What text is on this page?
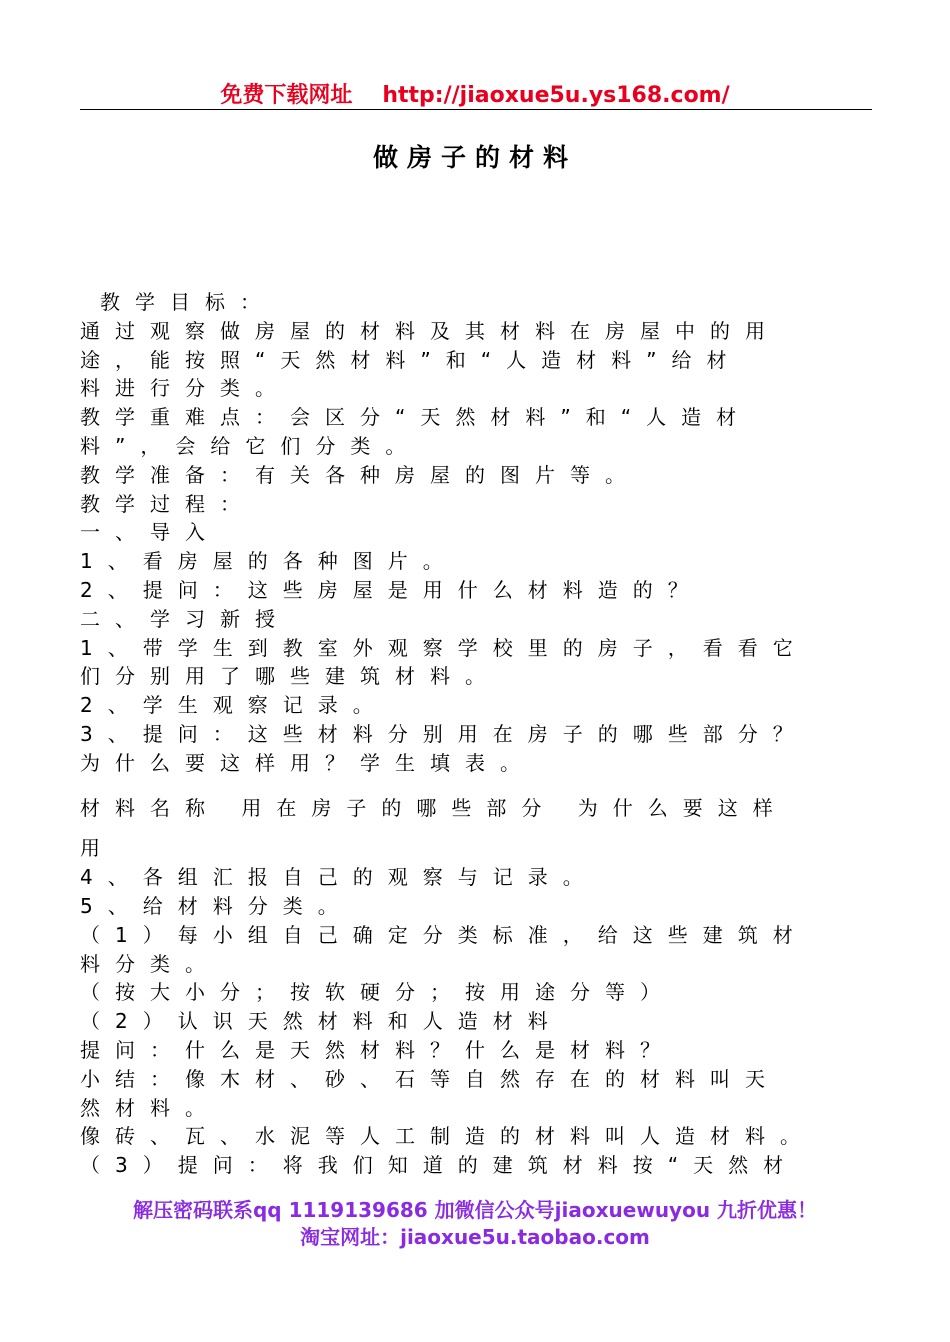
免费下载网址 http://jiaoxue5u.ys168.com/
做房子的材料
教学目标：
通过观察做房屋的材料及其材料在房屋中的用
途，能按照“天然材料”和“人造材料”给材
料进行分类。
教学重难点：会区分“天然材料”和“人造材
料”，会给它们分类。
教学准备：有关各种房屋的图片等。
教学过程：
一、导入
1、看房屋的各种图片。
2、提问：这些房屋是用什么材料造的？
二、学习新授
1、带学生到教室外观察学校里的房子，看看它
们分别用了哪些建筑材料。
2、学生观察记录。
3、提问：这些材料分别用在房子的哪些部分？
为什么要这样用？学生填表。
材料名称 用在房子的哪些部分 为什么要这样
用
4、各组汇报自己的观察与记录。
5、给材料分类。
（1）每小组自己确定分类标准，给这些建筑材
料分类。
（按大小分；按软硬分；按用途分等）
（2）认识天然材料和人造材料
提问：什么是天然材料？什么是材料？
小结：像木材、砂、石等自然存在的材料叫天
然材料。
像砖、瓦、水泥等人工制造的材料叫人造材料。
（3）提问：将我们知道的建筑材料按“天然材
解压密码联系qq 1119139686 加微信公众号jiaoxuewuyou 九折优惠！
淘宝网址：jiaoxue5u.taobao.com
